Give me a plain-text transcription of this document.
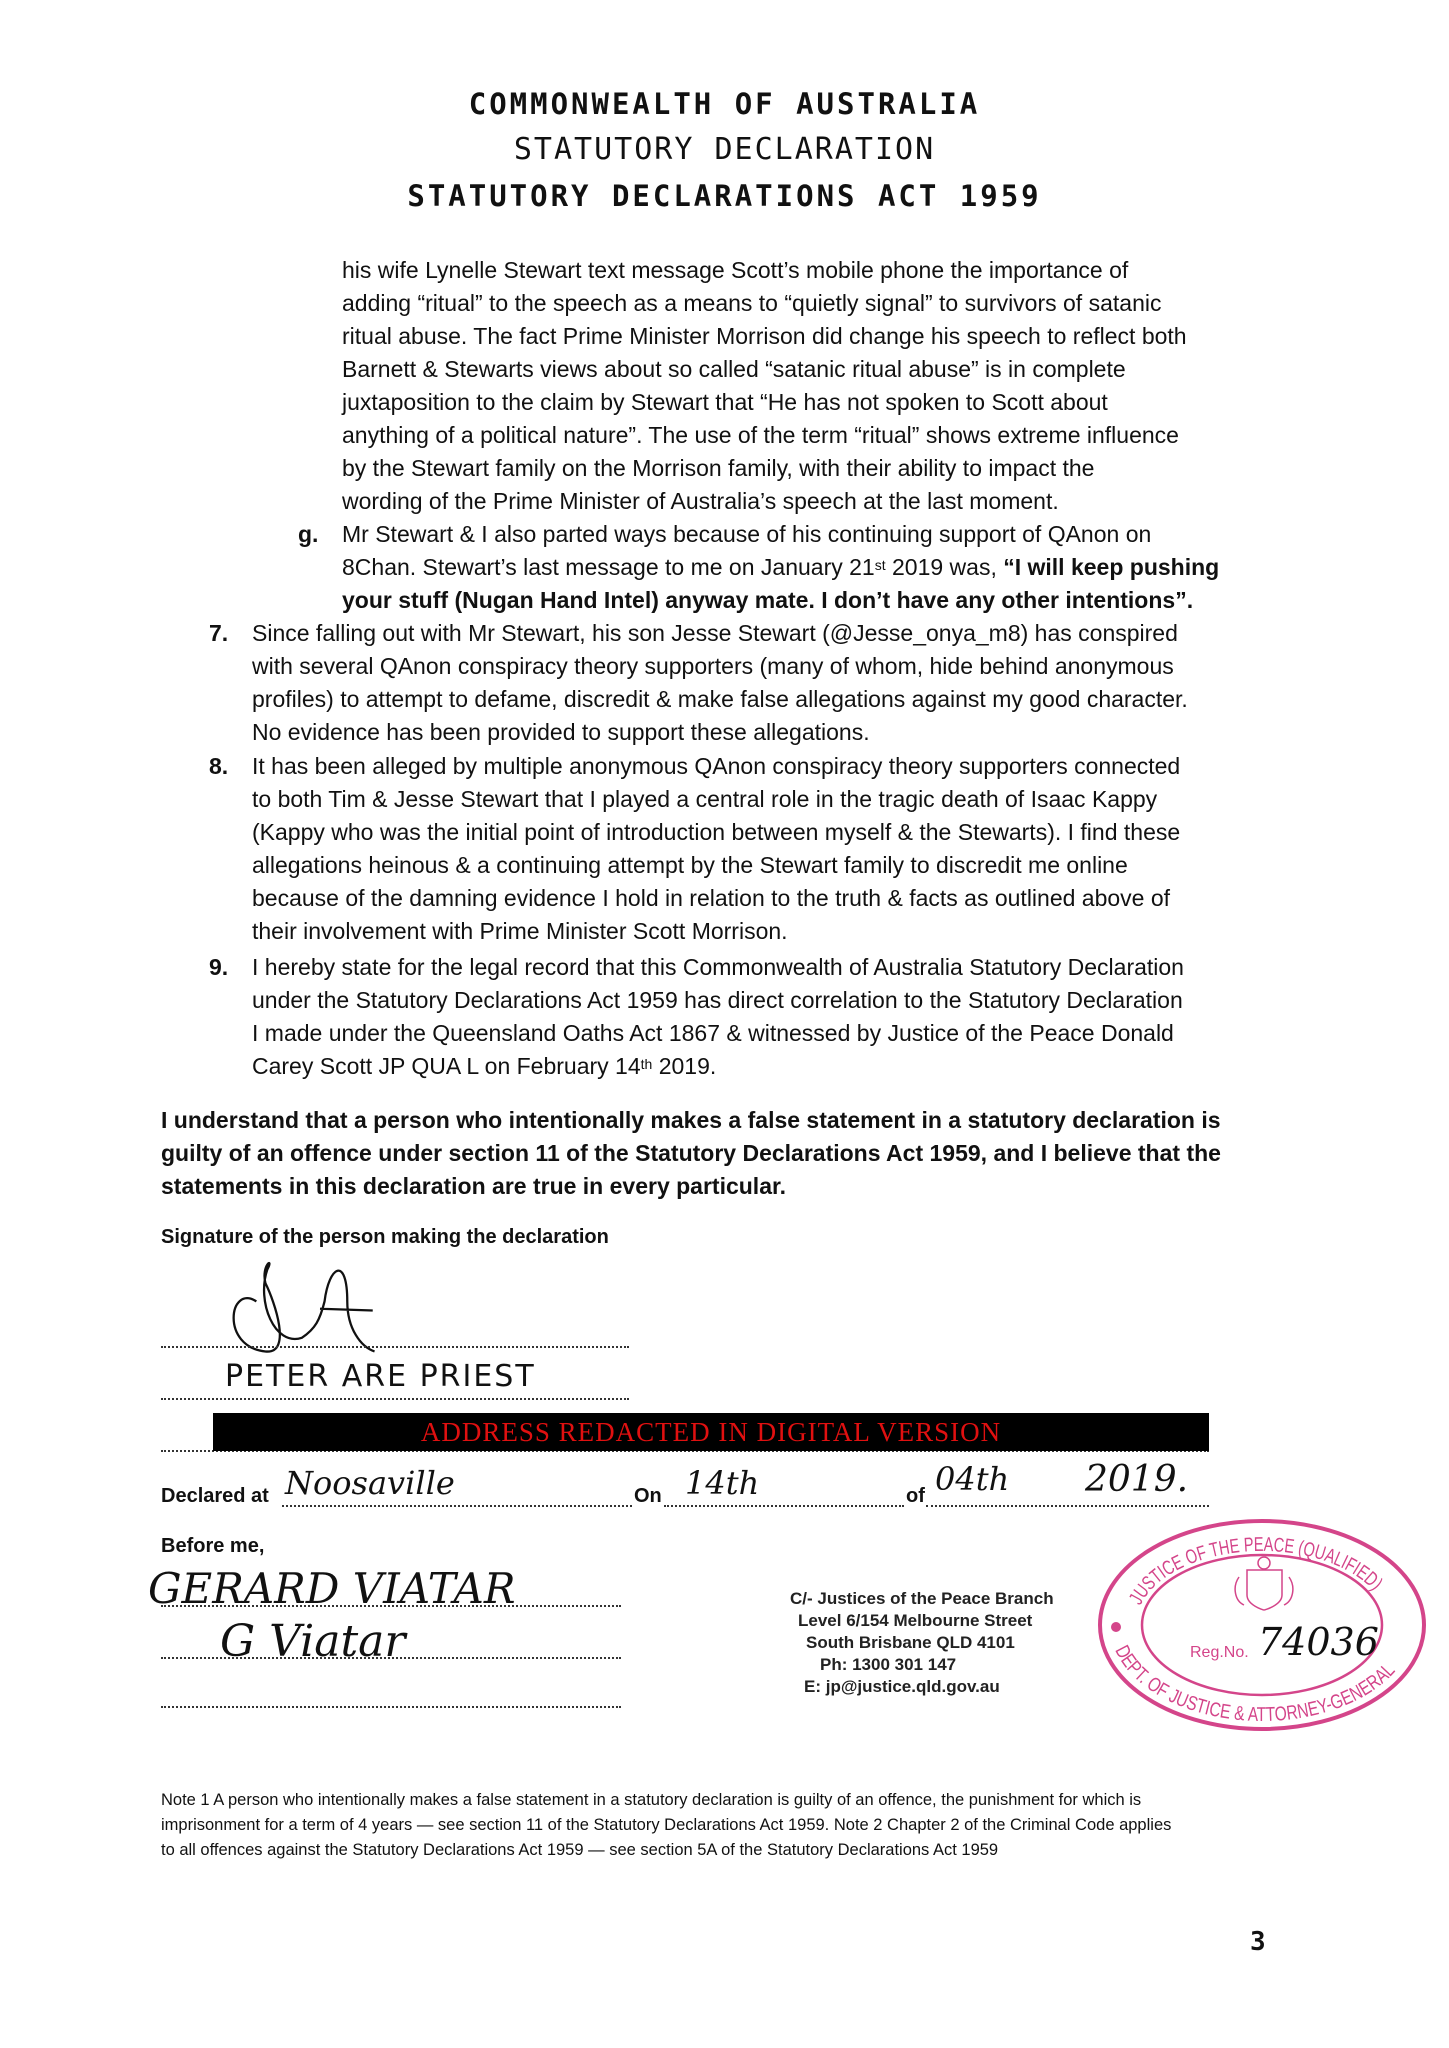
COMMONWEALTH OF AUSTRALIA
STATUTORY DECLARATION
STATUTORY DECLARATIONS ACT 1959
his wife Lynelle Stewart text message Scott’s mobile phone the importance of
adding “ritual” to the speech as a means to “quietly signal” to survivors of satanic
ritual abuse. The fact Prime Minister Morrison did change his speech to reflect both
Barnett & Stewarts views about so called “satanic ritual abuse” is in complete
juxtaposition to the claim by Stewart that “He has not spoken to Scott about
anything of a political nature”. The use of the term “ritual” shows extreme influence
by the Stewart family on the Morrison family, with their ability to impact the
wording of the Prime Minister of Australia’s speech at the last moment.
g. Mr Stewart & I also parted ways because of his continuing support of QAnon on
8Chan. Stewart’s last message to me on January 21st 2019 was, “I will keep pushing
your stuff (Nugan Hand Intel) anyway mate. I don’t have any other intentions”.
7. Since falling out with Mr Stewart, his son Jesse Stewart (@Jesse_onya_m8) has conspired
with several QAnon conspiracy theory supporters (many of whom, hide behind anonymous
profiles) to attempt to defame, discredit & make false allegations against my good character.
No evidence has been provided to support these allegations.
8. It has been alleged by multiple anonymous QAnon conspiracy theory supporters connected
to both Tim & Jesse Stewart that I played a central role in the tragic death of Isaac Kappy
(Kappy who was the initial point of introduction between myself & the Stewarts). I find these
allegations heinous & a continuing attempt by the Stewart family to discredit me online
because of the damning evidence I hold in relation to the truth & facts as outlined above of
their involvement with Prime Minister Scott Morrison.
9. I hereby state for the legal record that this Commonwealth of Australia Statutory Declaration
under the Statutory Declarations Act 1959 has direct correlation to the Statutory Declaration
I made under the Queensland Oaths Act 1867 & witnessed by Justice of the Peace Donald
Carey Scott JP QUA L on February 14th 2019.
I understand that a person who intentionally makes a false statement in a statutory declaration is
guilty of an offence under section 11 of the Statutory Declarations Act 1959, and I believe that the
statements in this declaration are true in every particular.
Signature of the person making the declaration
PETER ARE PRIEST
ADDRESS REDACTED IN DIGITAL VERSION
Declared at Noosaville	On 14th	of 04th 2019.
Before me,
GERARD VIATAR
G Viatar
C/- Justices of the Peace Branch
Level 6/154 Melbourne Street
South Brisbane QLD 4101
Ph: 1300 301 147
E: jp@justice.qld.gov.au
JUSTICE OF THE PEACE (QUALIFIED)
DEPT. OF JUSTICE & ATTORNEY-GENERAL
Reg.No. 74036
Note 1 A person who intentionally makes a false statement in a statutory declaration is guilty of an offence, the punishment for which is
imprisonment for a term of 4 years — see section 11 of the Statutory Declarations Act 1959. Note 2 Chapter 2 of the Criminal Code applies
to all offences against the Statutory Declarations Act 1959 — see section 5A of the Statutory Declarations Act 1959
3
